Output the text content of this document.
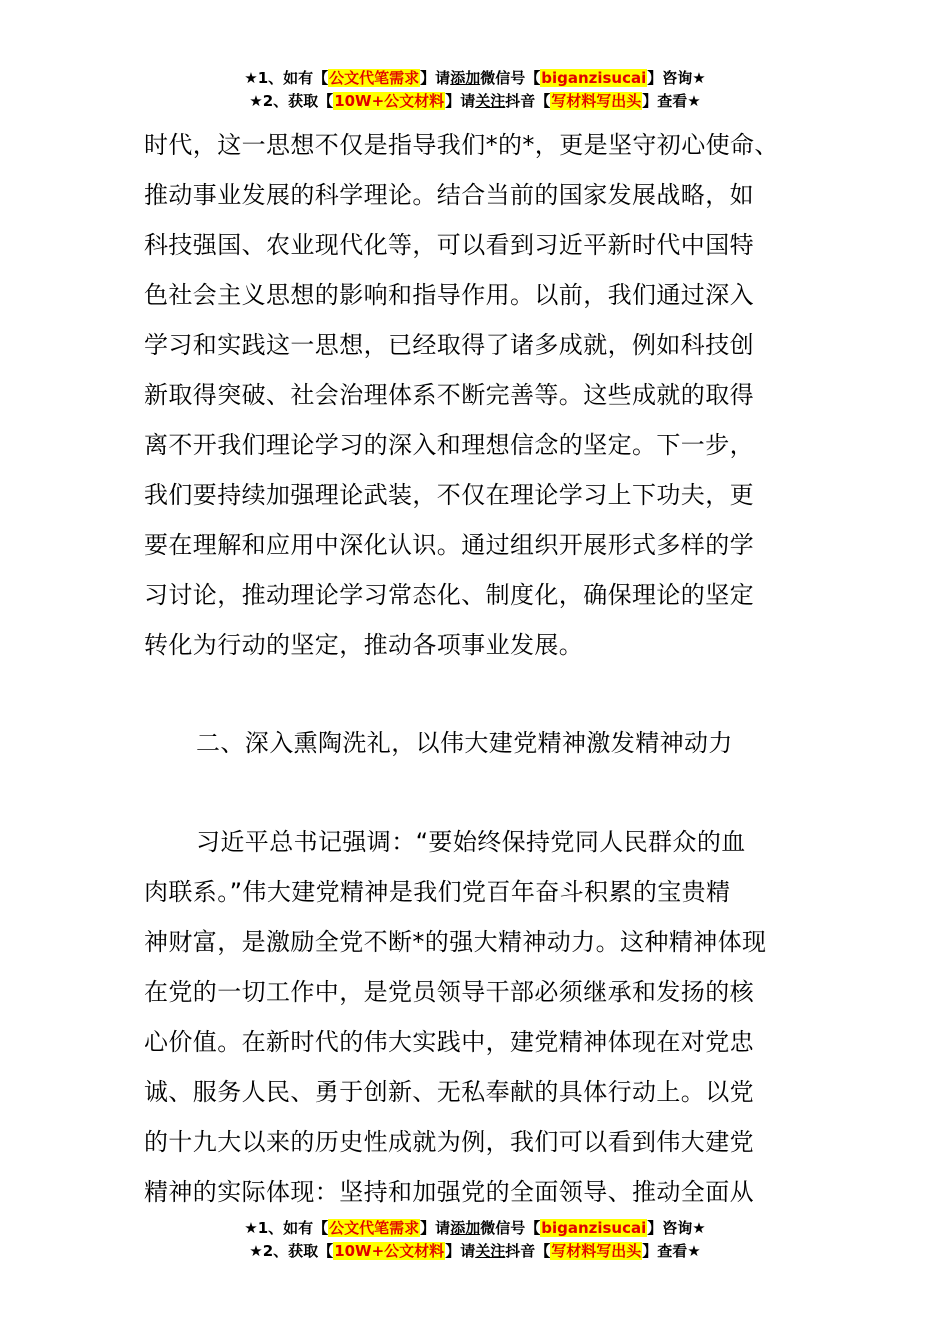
★1、如有【公文代笔需求】请添加微信号【biganzisucai】咨询★
★2、获取【10W+公文材料】请关注抖音【写材料写出头】查看★
时代，这一思想不仅是指导我们*的*，更是坚守初心使命、
推动事业发展的科学理论。结合当前的国家发展战略，如
科技强国、农业现代化等，可以看到习近平新时代中国特
色社会主义思想的影响和指导作用。以前，我们通过深入
学习和实践这一思想，已经取得了诸多成就，例如科技创
新取得突破、社会治理体系不断完善等。这些成就的取得
离不开我们理论学习的深入和理想信念的坚定。下一步，
我们要持续加强理论武装，不仅在理论学习上下功夫，更
要在理解和应用中深化认识。通过组织开展形式多样的学
习讨论，推动理论学习常态化、制度化，确保理论的坚定
转化为行动的坚定，推动各项事业发展。
二、深入熏陶洗礼，以伟大建党精神激发精神动力
习近平总书记强调：“要始终保持党同人民群众的血
肉联系。”伟大建党精神是我们党百年奋斗积累的宝贵精
神财富，是激励全党不断*的强大精神动力。这种精神体现
在党的一切工作中，是党员领导干部必须继承和发扬的核
心价值。在新时代的伟大实践中，建党精神体现在对党忠
诚、服务人民、勇于创新、无私奉献的具体行动上。以党
的十九大以来的历史性成就为例，我们可以看到伟大建党
精神的实际体现：坚持和加强党的全面领导、推动全面从
★1、如有【公文代笔需求】请添加微信号【biganzisucai】咨询★
★2、获取【10W+公文材料】请关注抖音【写材料写出头】查看★
